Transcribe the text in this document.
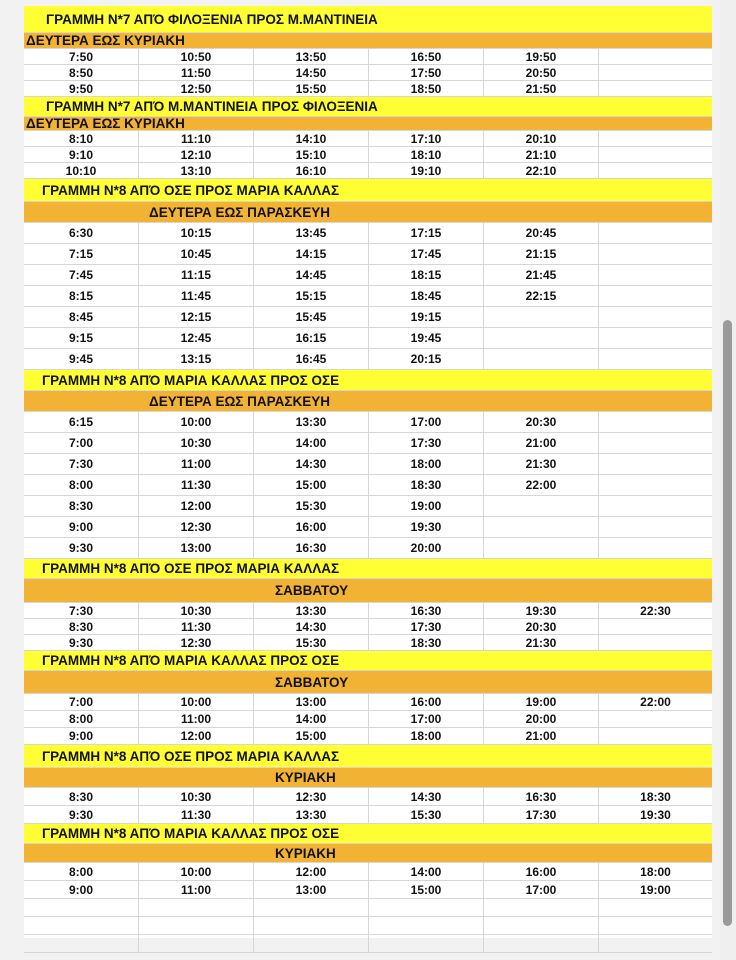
ΓΡΑΜΜΗ Ν*7 ΑΠΌ ΦΙΛΟΞΕΝΙΑ ΠΡΟΣ Μ.ΜΑΝΤΙΝΕΙΑ
ΔΕΥΤΕΡΑ ΕΩΣ ΚΥΡΙΑΚΗ
7:50	10:50	13:50	16:50	19:50
8:50	11:50	14:50	17:50	20:50
9:50	12:50	15:50	18:50	21:50
ΓΡΑΜΜΗ Ν*7 ΑΠΌ Μ.ΜΑΝΤΙΝΕΙΑ ΠΡΟΣ ΦΙΛΟΞΕΝΙΑ
ΔΕΥΤΕΡΑ ΕΩΣ ΚΥΡΙΑΚΗ
8:10	11:10	14:10	17:10	20:10
9:10	12:10	15:10	18:10	21:10
10:10	13:10	16:10	19:10	22:10
ΓΡΑΜΜΗ Ν*8 ΑΠΌ ΟΣΕ ΠΡΟΣ ΜΑΡΙΑ ΚΑΛΛΑΣ
ΔΕΥΤΕΡΑ ΕΩΣ ΠΑΡΑΣΚΕΥΗ
6:30	10:15	13:45	17:15	20:45
7:15	10:45	14:15	17:45	21:15
7:45	11:15	14:45	18:15	21:45
8:15	11:45	15:15	18:45	22:15
8:45	12:15	15:45	19:15
9:15	12:45	16:15	19:45
9:45	13:15	16:45	20:15
ΓΡΑΜΜΗ Ν*8 ΑΠΌ ΜΑΡΙΑ ΚΑΛΛΑΣ ΠΡΟΣ ΟΣΕ
ΔΕΥΤΕΡΑ ΕΩΣ ΠΑΡΑΣΚΕΥΗ
6:15	10:00	13:30	17:00	20:30
7:00	10:30	14:00	17:30	21:00
7:30	11:00	14:30	18:00	21:30
8:00	11:30	15:00	18:30	22:00
8:30	12:00	15:30	19:00
9:00	12:30	16:00	19:30
9:30	13:00	16:30	20:00
ΓΡΑΜΜΗ Ν*8 ΑΠΌ ΟΣΕ ΠΡΟΣ ΜΑΡΙΑ ΚΑΛΛΑΣ
ΣΑΒΒΑΤΟΥ
7:30	10:30	13:30	16:30	19:30	22:30
8:30	11:30	14:30	17:30	20:30
9:30	12:30	15:30	18:30	21:30
ΓΡΑΜΜΗ Ν*8 ΑΠΌ ΜΑΡΙΑ ΚΑΛΛΑΣ ΠΡΟΣ ΟΣΕ
ΣΑΒΒΑΤΟΥ
7:00	10:00	13:00	16:00	19:00	22:00
8:00	11:00	14:00	17:00	20:00
9:00	12:00	15:00	18:00	21:00
ΓΡΑΜΜΗ Ν*8 ΑΠΌ ΟΣΕ ΠΡΟΣ ΜΑΡΙΑ ΚΑΛΛΑΣ
ΚΥΡΙΑΚΗ
8:30	10:30	12:30	14:30	16:30	18:30
9:30	11:30	13:30	15:30	17:30	19:30
ΓΡΑΜΜΗ Ν*8 ΑΠΌ ΜΑΡΙΑ ΚΑΛΛΑΣ ΠΡΟΣ ΟΣΕ
ΚΥΡΙΑΚΗ
8:00	10:00	12:00	14:00	16:00	18:00
9:00	11:00	13:00	15:00	17:00	19:00
